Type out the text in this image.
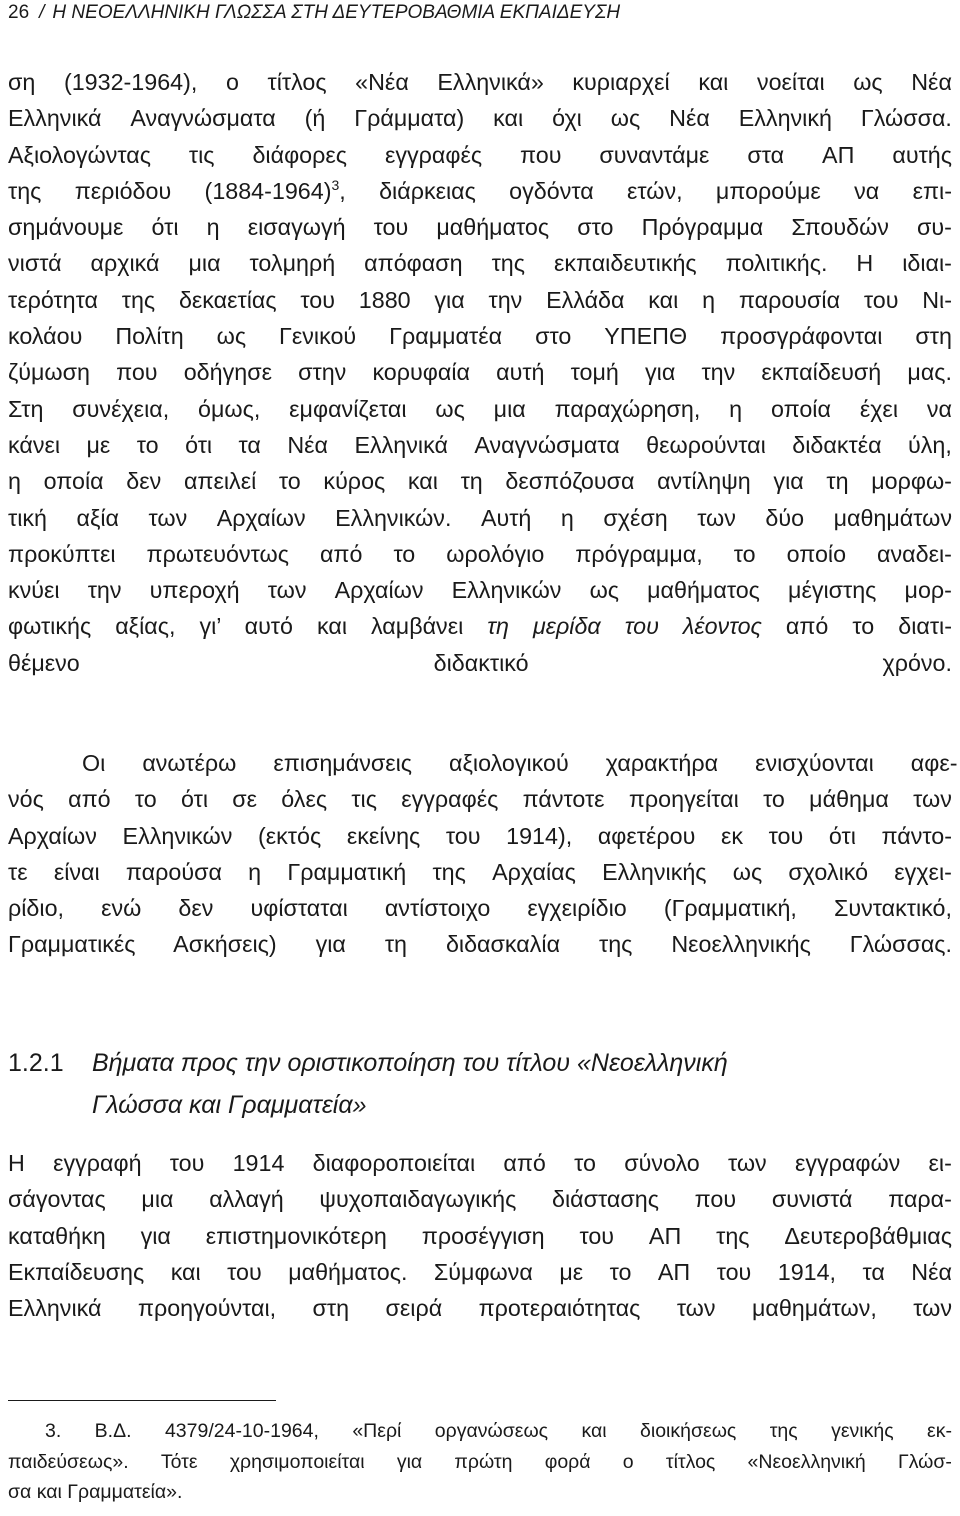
26 / Η ΝΕΟΕΛΛΗΝΙΚΗ ΓΛΩΣΣΑ ΣΤΗ ΔΕΥΤΕΡΟΒΑΘΜΙΑ ΕΚΠΑΙΔΕΥΣΗ
ση (1932-1964), ο τίτλος «Νέα Ελληνικά» κυριαρχεί και νοείται ως Νέα
Ελληνικά Αναγνώσματα (ή Γράμματα) και όχι ως Νέα Ελληνική Γλώσσα.
Αξιολογώντας τις διάφορες εγγραφές που συναντάμε στα ΑΠ αυτής
της περιόδου (1884-1964)$^3$, διάρκειας ογδόντα ετών, μπορούμε να επι-
σημάνουμε ότι η εισαγωγή του μαθήματος στο Πρόγραμμα Σπουδών συ-
νιστά αρχικά μια τολμηρή απόφαση της εκπαιδευτικής πολιτικής. Η ιδιαι-
τερότητα της δεκαετίας του 1880 για την Ελλάδα και η παρουσία του Νι-
κολάου Πολίτη ως Γενικού Γραμματέα στο ΥΠΕΠΘ προσγράφονται στη
ζύμωση που οδήγησε στην κορυφαία αυτή τομή για την εκπαίδευσή μας.
Στη συνέχεια, όμως, εμφανίζεται ως μια παραχώρηση, η οποία έχει να
κάνει με το ότι τα Νέα Ελληνικά Αναγνώσματα θεωρούνται διδακτέα ύλη,
η οποία δεν απειλεί το κύρος και τη δεσπόζουσα αντίληψη για τη μορφω-
τική αξία των Αρχαίων Ελληνικών. Αυτή η σχέση των δύο μαθημάτων
προκύπτει πρωτευόντως από το ωρολόγιο πρόγραμμα, το οποίο αναδει-
κνύει την υπεροχή των Αρχαίων Ελληνικών ως μαθήματος μέγιστης μορ-
φωτικής αξίας, γι’ αυτό και λαμβάνει τη μερίδα του λέοντος από το διατι-
θέμενο διδακτικό χρόνο.
Οι	ανωτέρω	επισημάνσεις	αξιολογικού	χαρακτήρα	ενισχύονται	αφε-
νός από το ότι σε όλες τις εγγραφές πάντοτε προηγείται το μάθημα των
Αρχαίων Ελληνικών (εκτός εκείνης του 1914), αφετέρου εκ του ότι πάντο-
τε είναι παρούσα η Γραμματική της Αρχαίας Ελληνικής ως σχολικό εγχει-
ρίδιο, ενώ δεν υφίσταται αντίστοιχο εγχειρίδιο (Γραμματική, Συντακτικό,
Γραμματικές Ασκήσεις) για τη διδασκαλία της Νεοελληνικής Γλώσσας.
1.2.1 Βήματα προς την οριστικοποίηση του τίτλου «Νεοελληνική
Γλώσσα και Γραμματεία»
Η εγγραφή του 1914 διαφοροποιείται από το σύνολο των εγγραφών ει-
σάγοντας μια αλλαγή ψυχοπαιδαγωγικής διάστασης που συνιστά παρα-
καταθήκη για επιστημονικότερη προσέγγιση του ΑΠ της Δευτεροβάθμιας
Εκπαίδευσης και του μαθήματος. Σύμφωνα με το ΑΠ του 1914, τα Νέα
Ελληνικά προηγούνται, στη σειρά προτεραιότητας των μαθημάτων, των
3. Β.Δ. 4379/24-10-1964, «Περί οργανώσεως και διοικήσεως της γενικής εκ-
παιδεύσεως». Τότε χρησιμοποιείται για πρώτη φορά ο τίτλος «Νεοελληνική Γλώσ-
σα και Γραμματεία».
